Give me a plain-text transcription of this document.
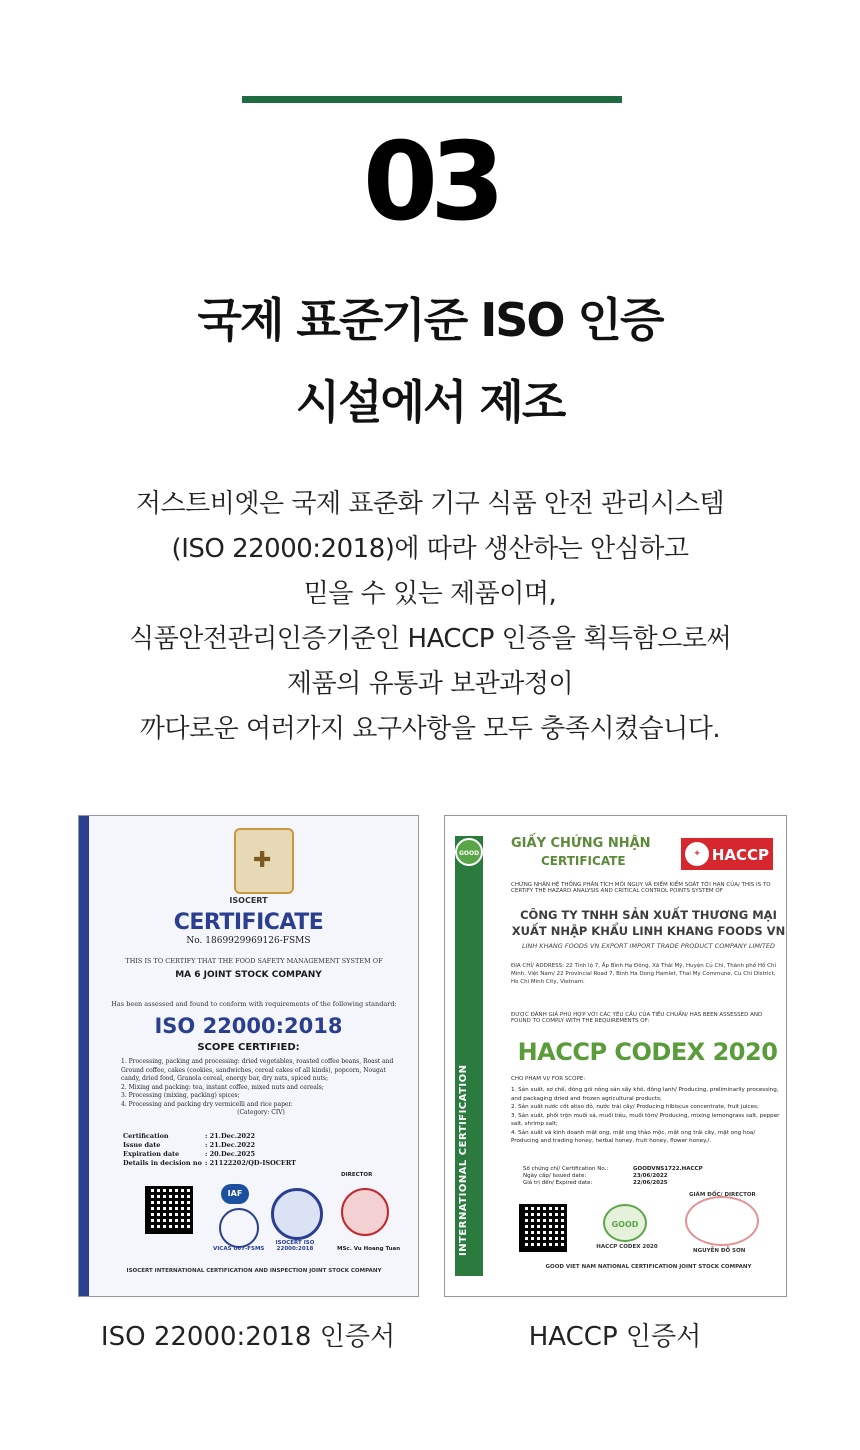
03
국제 표준기준 ISO 인증
시설에서 제조
저스트비엣은 국제 표준화 기구 식품 안전 관리시스템
(ISO 22000:2018)에 따라 생산하는 안심하고
믿을 수 있는 제품이며,
식품안전관리인증기준인 HACCP 인증을 획득함으로써
제품의 유통과 보관과정이
까다로운 여러가지 요구사항을 모두 충족시켰습니다.
✚
ISOCERT
CERTIFICATE
No. 1869929969126-FSMS
THIS IS TO CERTIFY THAT THE FOOD SAFETY MANAGEMENT SYSTEM OF
MA 6 JOINT STOCK COMPANY
Has been assessed and found to conform with requirements of the following standard:
ISO 22000:2018
SCOPE CERTIFIED:
1. Processing, packing and processing: dried vegetables, roasted coffee beans, Roast and Ground coffee, cakes (cookies, sandwiches, cereal cakes of all kinds), popcorn, Nougat candy, dried food, Granola cereal, energy bar, dry nuts, spiced nuts;
2. Mixing and packing: tea, instant coffee, mixed nuts and cereals;
3. Processing (mixing, packing) spices;
4. Processing and packing dry vermicelli and rice paper.
(Category: CIV)
Certification	: 21.Dec.2022
Issue date	: 21.Dec.2022
Expiration date	: 20.Dec.2025
Details in decision no : 21122202/QD-ISOCERT
DIRECTOR
IAF
VICAS 067-FSMS
ISOCERT ISO 22000:2018	MSc. Vu Hoang Tuan
ISOCERT INTERNATIONAL CERTIFICATION AND INSPECTION JOINT STOCK COMPANY
INTERNATIONAL CERTIFICATION
GOOD
GIẤY CHỨNG NHẬN
CERTIFICATE
✚ HACCP
CHỨNG NHẬN HỆ THỐNG PHÂN TÍCH MỐI NGUY VÀ ĐIỂM KIỂM SOÁT TỚI HẠN CỦA/ THIS IS TO CERTIFY THE HAZARD ANALYSIS AND CRITICAL CONTROL POINTS SYSTEM OF
CÔNG TY TNHH SẢN XUẤT THƯƠNG MẠI
XUẤT NHẬP KHẨU LINH KHANG FOODS VN
LINH KHANG FOODS VN EXPORT IMPORT TRADE PRODUCT COMPANY LIMITED
ĐỊA CHỈ/ ADDRESS: 22 Tỉnh lộ 7, Ấp Bình Hạ Đông, Xã Thái Mỹ, Huyện Củ Chi, Thành phố Hồ Chí Minh, Việt Nam/ 22 Provincial Road 7, Binh Ha Dong Hamlet, Thai My Commune, Cu Chi District, Ho Chi Minh City, Vietnam.
ĐƯỢC ĐÁNH GIÁ PHÙ HỢP VỚI CÁC YÊU CẦU CỦA TIÊU CHUẨN/ HAS BEEN ASSESSED AND FOUND TO COMPLY WITH THE REQUIREMENTS OF:
HACCP CODEX 2020
CHO PHẠM VI/ FOR SCOPE:
1. Sản xuất, sơ chế, đóng gói nông sản sấy khô, đông lạnh/ Producing, preliminarily processing, and packaging dried and frozen agricultural products;
2. Sản xuất nước cốt atiso đỏ, nước trái cây/ Producing hibiscus concentrate, fruit juices;
3. Sản xuất, phối trộn muối sả, muối tiêu, muối tôm/ Producing, mixing lemongrass salt, pepper salt, shrimp salt;
4. Sản xuất và kinh doanh mật ong, mật ong thảo mộc, mật ong trái cây, mật ong hoa/ Producing and trading honey, herbal honey, fruit honey, flower honey./.
Số chứng chỉ/ Certification No.:	GOODVNS1722.HACCP
Ngày cấp/ Issued date:	23/06/2022
Giá trị đến/ Expired date:	22/06/2025
GIÁM ĐỐC/ DIRECTOR
GOOD
HACCP CODEX 2020
NGUYỄN ĐỖ SƠN
GOOD VIET NAM NATIONAL CERTIFICATION JOINT STOCK COMPANY
ISO 22000:2018 인증서	HACCP 인증서
